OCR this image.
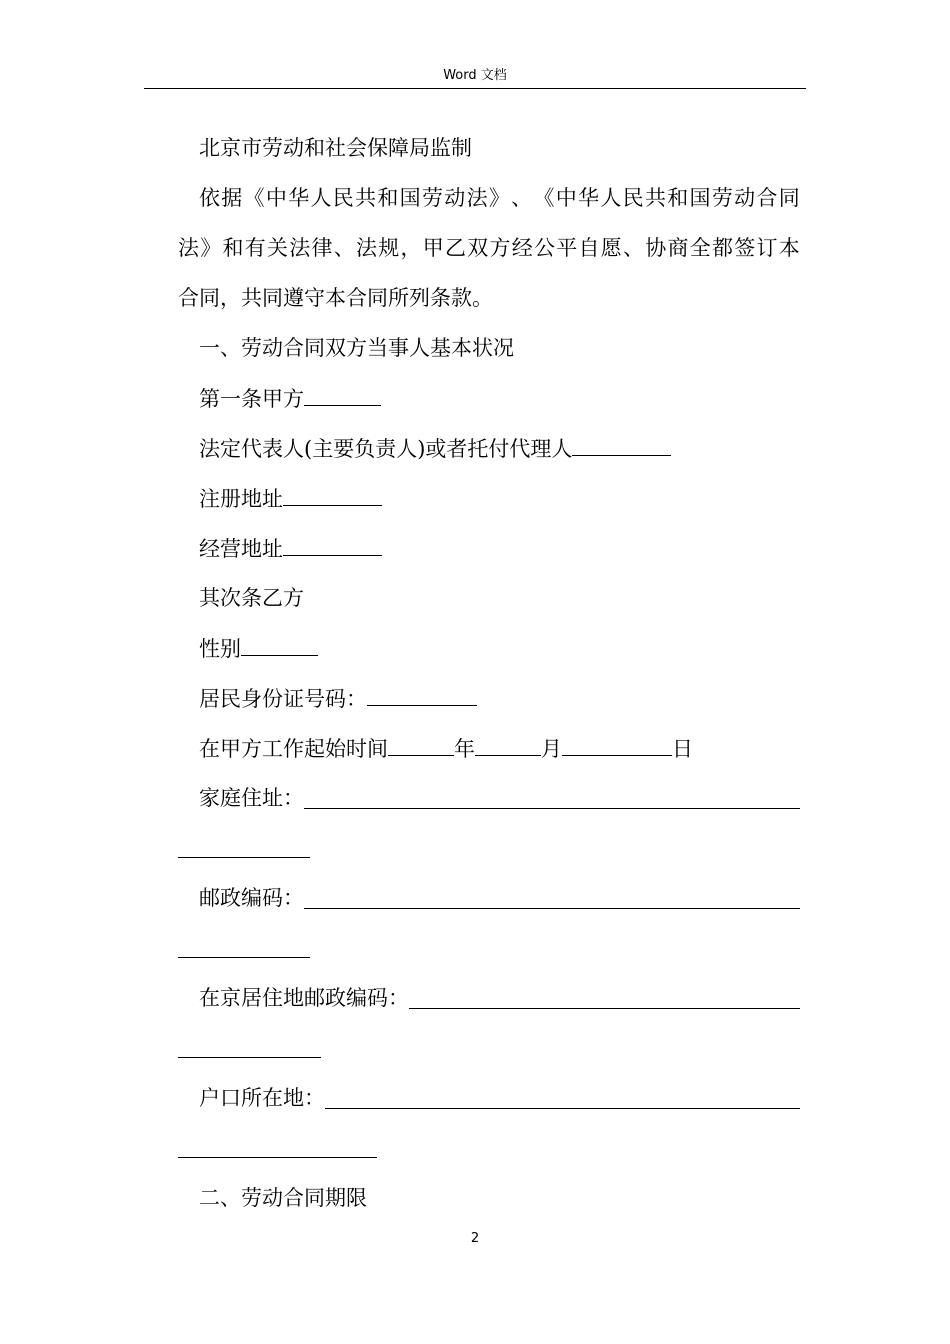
Word 文档
北京市劳动和社会保障局监制
依 据 《 中 华 人 民 共 和 国 劳 动 法 》 、 《 中 华 人 民 共 和 国 劳 动 合 同
法 》 和 有 关 法 律 、 法 规 ， 甲 乙 双 方 经 公 平 自 愿 、 协 商 全 都 签 订 本
合同，共同遵守本合同所列条款。
一、劳动合同双方当事人基本状况
第一条甲方
法定代表人(主要负责人)或者托付代理人
注册地址
经营地址
其次条乙方
性别
居民身份证号码：
在甲方工作起始时间	年	月	日
家庭住址：
邮政编码：
在京居住地邮政编码：
户口所在地：
二、劳动合同期限
2
